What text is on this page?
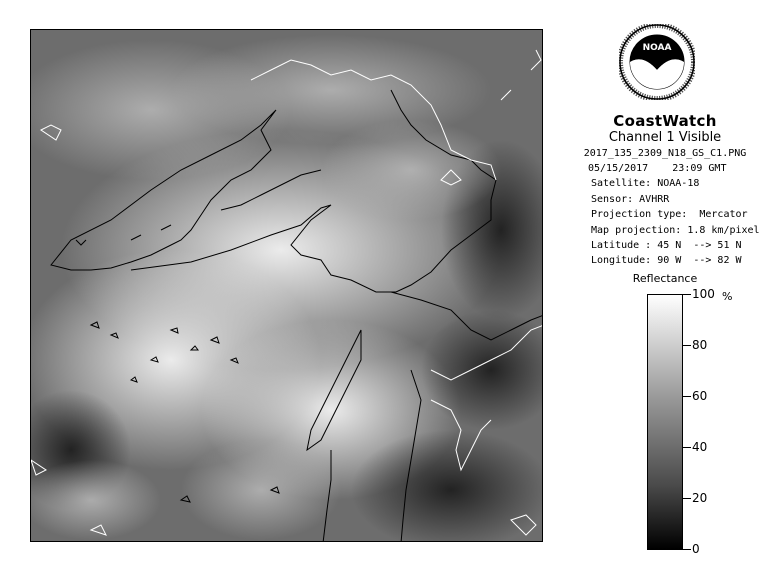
NOAA
CoastWatch
Channel 1 Visible
2017_135_2309_N18_GS_C1.PNG
05/15/2017    23:09 GMT
Satellite: NOAA-18
Sensor: AVHRR
Projection type:  Mercator
Map projection: 1.8 km/pixel
Latitude : 45 N  --> 51 N
Longitude: 90 W  --> 82 W
Reflectance
%
100
80
60
40
20
0
